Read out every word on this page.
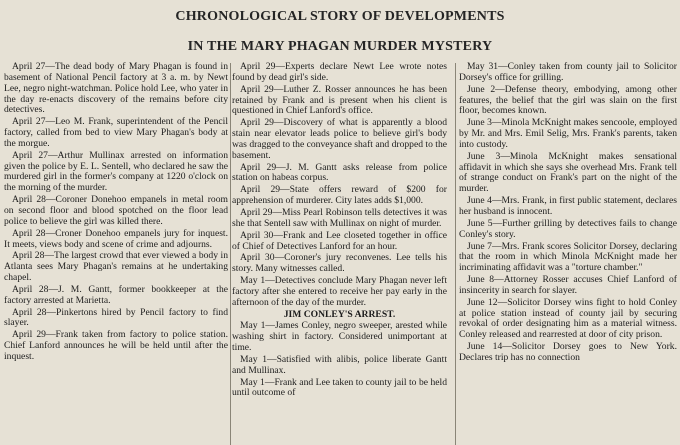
CHRONOLOGICAL STORY OF DEVELOPMENTS
IN THE MARY PHAGAN MURDER MYSTERY

April 27—The dead body of Mary Phagan is found in basement of National Pencil factory at 3 a. m. by Newt Lee, negro night-watchman. Police hold Lee, who yater in the day re-enacts discovery of the remains before city detectives.

April 27—Leo M. Frank, superintendent of the Pencil factory, called from bed to view Mary Phagan's body at the morgue.

April 27—Arthur Mullinax arrested on information given the police by E. L. Sentell, who declared he saw the murdered girl in the former's company at 1220 o'clock on the morning of the murder.

April 28—Coroner Donehoo empanels in metal room on second floor and blood spotched on the floor lead police to believe the girl was killed there.

April 28—Croner Donehoo empanels jury for inquest. It meets, views body and scene of crime and adjourns.

April 28—The largest crowd that ever viewed a body in Atlanta sees Mary Phagan's remains at he undertaking chapel.

April 28—J. M. Gantt, former bookkeeper at the factory arrested at Marietta.

April 28—Pinkertons hired by Pencil factory to find slayer.

April 29—Frank taken from factory to police station. Chief Lanford announces he will be held until after the inquest.

April 29—Experts declare Newt Lee wrote notes found by dead girl's side.

April 29—Luther Z. Rosser announces he has been retained by Frank and is present when his client is questioned in Chief Lanford's office.

April 29—Discovery of what is apparently a blood stain near elevator leads police to believe girl's body was dragged to the conveyance shaft and dropped to the basement.

April 29—J. M. Gantt asks release from police station on habeas corpus.

April 29—State offers reward of $200 for apprehension of murderer. City lates adds $1,000.

April 29—Miss Pearl Robinson tells detectives it was she that Sentell saw with Mullinax on night of murder.

April 30—Frank and Lee closeted together in office of Chief of Detectives Lanford for an hour.

April 30—Coroner's jury reconvenes. Lee tells his story. Many witnesses called.

May 1—Detectives conclude Mary Phagan never left factory after she entered to receive her pay early in the afternoon of the day of the murder.

JIM CONLEY'S ARREST.

May 1—James Conley, negro sweeper, arested while washing shirt in factory. Considered unimportant at time.

May 1—Satisfied with alibis, police liberate Gantt and Mullinax.

May 1—Frank and Lee taken to county jail to be held until outcome of

May 31—Conley taken from county jail to Solicitor Dorsey's office for grilling.

June 2—Defense theory, embodying, among other features, the belief that the girl was slain on the first floor, becomes known.

June 3—Minola McKnight makes sencoole, employed by Mr. and Mrs. Emil Selig, Mrs. Frank's parents, taken into custody.

June 3—Minola McKnight makes sensational affidavit in which she says she overhead Mrs. Frank tell of strange conduct on Frank's part on the night of the murder.

June 4—Mrs. Frank, in first public statement, declares her husband is innocent.

June 5—Further grilling by detectives fails to change Conley's story.

June 7—Mrs. Frank scores Solicitor Dorsey, declaring that the room in which Minola McKnight made her incriminating affidavit was a "torture chamber."

June 8—Attorney Rosser accuses Chief Lanford of insincerity in search for slayer.

June 12—Solicitor Dorsey wins fight to hold Conley at police station instead of county jail by securing revokal of order designating him as a material witness. Conley released and rearrested at door of city prison.

June 14—Solicitor Dorsey goes to New York. Declares trip has no connection
